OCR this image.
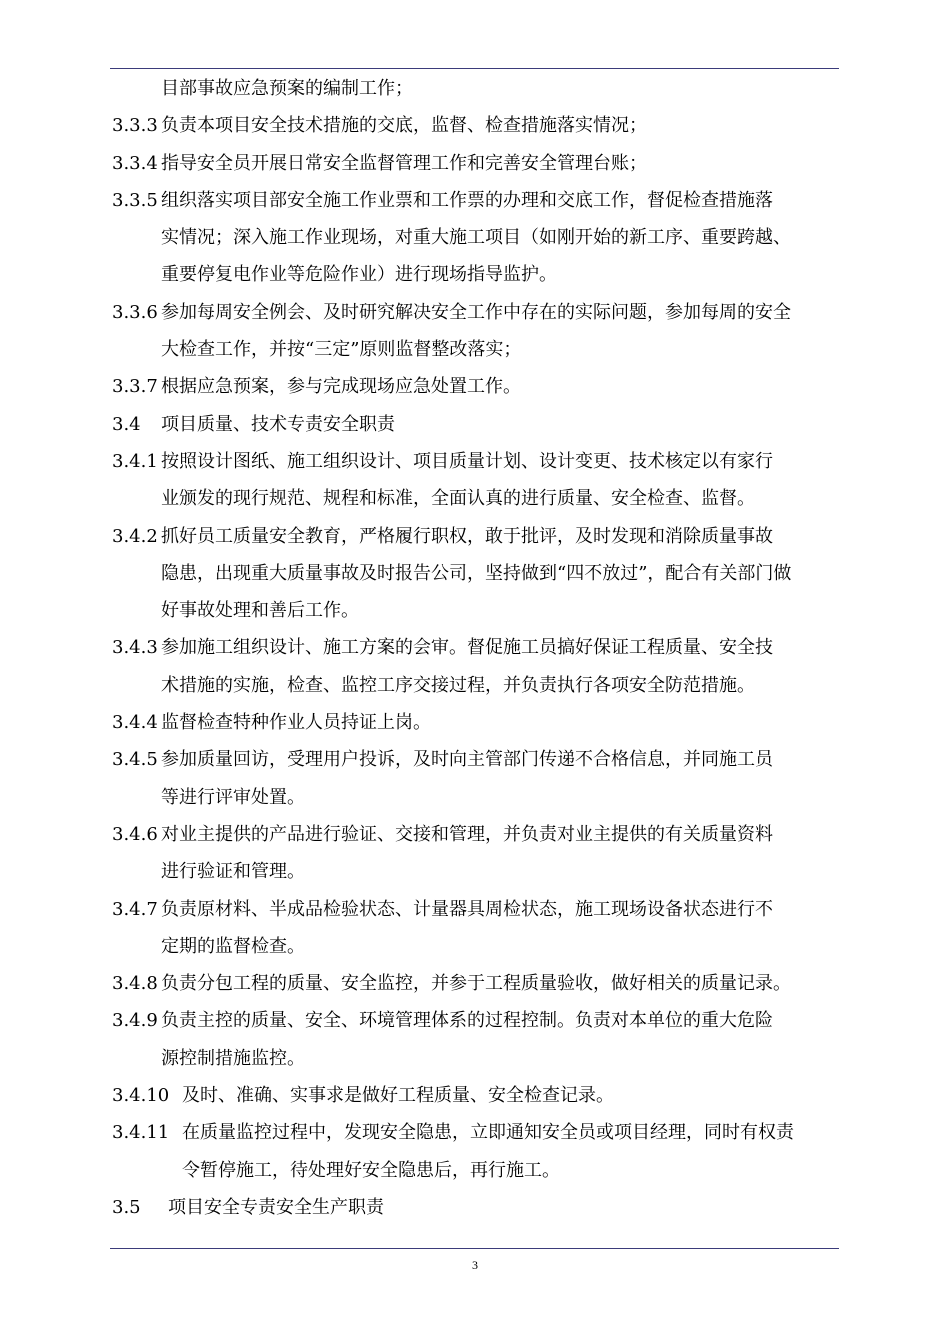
目部事故应急预案的编制工作；
3.3.3 负责本项目安全技术措施的交底，监督、检查措施落实情况；
3.3.4 指导安全员开展日常安全监督管理工作和完善安全管理台账；
3.3.5 组织落实项目部安全施工作业票和工作票的办理和交底工作，督促检查措施落
实情况；深入施工作业现场，对重大施工项目（如刚开始的新工序、重要跨越、
重要停复电作业等危险作业）进行现场指导监护。
3.3.6 参加每周安全例会、及时研究解决安全工作中存在的实际问题，参加每周的安全
大检查工作，并按“三定”原则监督整改落实；
3.3.7 根据应急预案，参与完成现场应急处置工作。
3.4 项目质量、技术专责安全职责
3.4.1 按照设计图纸、施工组织设计、项目质量计划、设计变更、技术核定以有家行
业颁发的现行规范、规程和标准，全面认真的进行质量、安全检查、监督。
3.4.2 抓好员工质量安全教育，严格履行职权，敢于批评，及时发现和消除质量事故
隐患，出现重大质量事故及时报告公司，坚持做到“四不放过”，配合有关部门做
好事故处理和善后工作。
3.4.3 参加施工组织设计、施工方案的会审。督促施工员搞好保证工程质量、安全技
术措施的实施，检查、监控工序交接过程，并负责执行各项安全防范措施。
3.4.4 监督检查特种作业人员持证上岗。
3.4.5 参加质量回访，受理用户投诉，及时向主管部门传递不合格信息，并同施工员
等进行评审处置。
3.4.6 对业主提供的产品进行验证、交接和管理，并负责对业主提供的有关质量资料
进行验证和管理。
3.4.7 负责原材料、半成品检验状态、计量器具周检状态，施工现场设备状态进行不
定期的监督检查。
3.4.8 负责分包工程的质量、安全监控，并参于工程质量验收，做好相关的质量记录。
3.4.9 负责主控的质量、安全、环境管理体系的过程控制。负责对本单位的重大危险
源控制措施监控。
3.4.10 及时、准确、实事求是做好工程质量、安全检查记录。
3.4.11 在质量监控过程中，发现安全隐患，立即通知安全员或项目经理，同时有权责
令暂停施工，待处理好安全隐患后，再行施工。
3.5 项目安全专责安全生产职责
3
